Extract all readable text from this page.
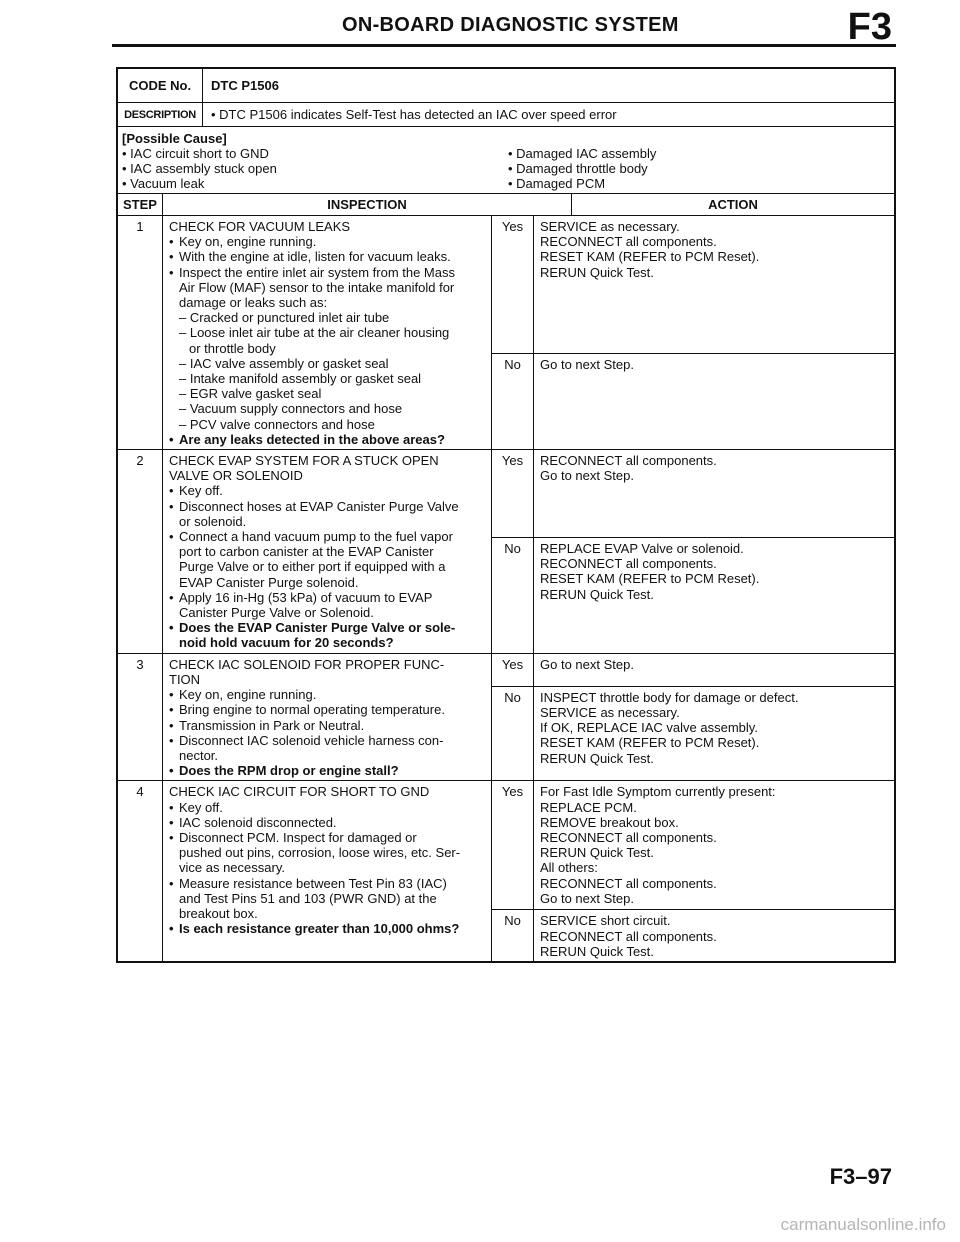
ON-BOARD DIAGNOSTIC SYSTEM	F3
CODE No.	DTC P1506
DESCRIPTION	• DTC P1506 indicates Self-Test has detected an IAC over speed error
[Possible Cause]
• IAC circuit short to GND
• IAC assembly stuck open
• Vacuum leak
• Damaged IAC assembly
• Damaged throttle body
• Damaged PCM
STEP	INSPECTION	ACTION
1	CHECK FOR VACUUM LEAKS
• Key on, engine running.
• With the engine at idle, listen for vacuum leaks.
• Inspect the entire inlet air system from the Mass
Air Flow (MAF) sensor to the intake manifold for
damage or leaks such as:
– Cracked or punctured inlet air tube
– Loose inlet air tube at the air cleaner housing
or throttle body
– IAC valve assembly or gasket seal
– Intake manifold assembly or gasket seal
– EGR valve gasket seal
– Vacuum supply connectors and hose
– PCV valve connectors and hose
• Are any leaks detected in the above areas?
Yes	SERVICE as necessary.
RECONNECT all components.
RESET KAM (REFER to PCM Reset).
RERUN Quick Test.
No	Go to next Step.
2	CHECK EVAP SYSTEM FOR A STUCK OPEN
VALVE OR SOLENOID
• Key off.
• Disconnect hoses at EVAP Canister Purge Valve
or solenoid.
• Connect a hand vacuum pump to the fuel vapor
port to carbon canister at the EVAP Canister
Purge Valve or to either port if equipped with a
EVAP Canister Purge solenoid.
• Apply 16 in-Hg (53 kPa) of vacuum to EVAP
Canister Purge Valve or Solenoid.
• Does the EVAP Canister Purge Valve or sole-
noid hold vacuum for 20 seconds?
Yes	RECONNECT all components.
Go to next Step.
No	REPLACE EVAP Valve or solenoid.
RECONNECT all components.
RESET KAM (REFER to PCM Reset).
RERUN Quick Test.
3	CHECK IAC SOLENOID FOR PROPER FUNC-
TION
• Key on, engine running.
• Bring engine to normal operating temperature.
• Transmission in Park or Neutral.
• Disconnect IAC solenoid vehicle harness con-
nector.
• Does the RPM drop or engine stall?
Yes	Go to next Step.
No	INSPECT throttle body for damage or defect.
SERVICE as necessary.
If OK, REPLACE IAC valve assembly.
RESET KAM (REFER to PCM Reset).
RERUN Quick Test.
4	CHECK IAC CIRCUIT FOR SHORT TO GND
• Key off.
• IAC solenoid disconnected.
• Disconnect PCM. Inspect for damaged or
pushed out pins, corrosion, loose wires, etc. Ser-
vice as necessary.
• Measure resistance between Test Pin 83 (IAC)
and Test Pins 51 and 103 (PWR GND) at the
breakout box.
• Is each resistance greater than 10,000 ohms?
Yes	For Fast Idle Symptom currently present:
REPLACE PCM.
REMOVE breakout box.
RECONNECT all components.
RERUN Quick Test.
All others:
RECONNECT all components.
Go to next Step.
No	SERVICE short circuit.
RECONNECT all components.
RERUN Quick Test.
F3–97
carmanualsonline.info
